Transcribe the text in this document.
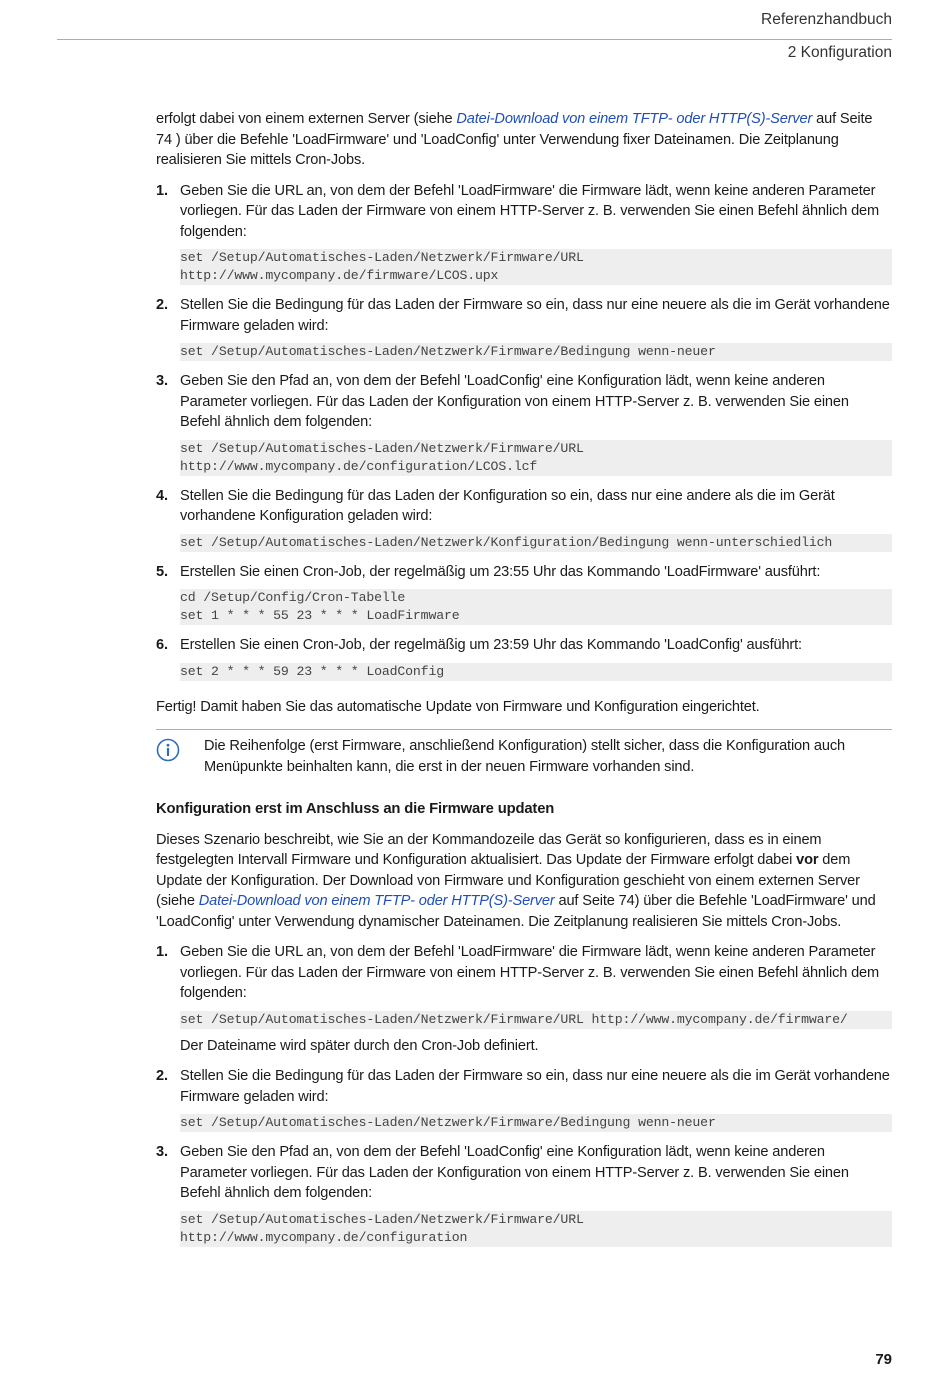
Referenzhandbuch
2 Konfiguration

erfolgt dabei von einem externen Server (siehe Datei-Download von einem TFTP- oder HTTP(S)-Server auf Seite 74 ) über die Befehle 'LoadFirmware' und 'LoadConfig' unter Verwendung fixer Dateinamen. Die Zeitplanung realisieren Sie mittels Cron-Jobs.

1. Geben Sie die URL an, von dem der Befehl 'LoadFirmware' die Firmware lädt, wenn keine anderen Parameter vorliegen. Für das Laden der Firmware von einem HTTP-Server z. B. verwenden Sie einen Befehl ähnlich dem folgenden:

set /Setup/Automatisches-Laden/Netzwerk/Firmware/URL
http://www.mycompany.de/firmware/LCOS.upx
2. Stellen Sie die Bedingung für das Laden der Firmware so ein, dass nur eine neuere als die im Gerät vorhandene Firmware geladen wird:

set /Setup/Automatisches-Laden/Netzwerk/Firmware/Bedingung wenn-neuer
3. Geben Sie den Pfad an, von dem der Befehl 'LoadConfig' eine Konfiguration lädt, wenn keine anderen Parameter vorliegen. Für das Laden der Konfiguration von einem HTTP-Server z. B. verwenden Sie einen Befehl ähnlich dem folgenden:

set /Setup/Automatisches-Laden/Netzwerk/Firmware/URL
http://www.mycompany.de/configuration/LCOS.lcf
4. Stellen Sie die Bedingung für das Laden der Konfiguration so ein, dass nur eine andere als die im Gerät vorhandene Konfiguration geladen wird:

set /Setup/Automatisches-Laden/Netzwerk/Konfiguration/Bedingung wenn-unterschiedlich
5. Erstellen Sie einen Cron-Job, der regelmäßig um 23:55 Uhr das Kommando 'LoadFirmware' ausführt:

cd /Setup/Config/Cron-Tabelle
set 1 * * * 55 23 * * * LoadFirmware
6. Erstellen Sie einen Cron-Job, der regelmäßig um 23:59 Uhr das Kommando 'LoadConfig' ausführt:

set 2 * * * 59 23 * * * LoadConfig

Fertig! Damit haben Sie das automatische Update von Firmware und Konfiguration eingerichtet.

Die Reihenfolge (erst Firmware, anschließend Konfiguration) stellt sicher, dass die Konfiguration auch Menüpunkte beinhalten kann, die erst in der neuen Firmware vorhanden sind.

Konfiguration erst im Anschluss an die Firmware updaten

Dieses Szenario beschreibt, wie Sie an der Kommandozeile das Gerät so konfigurieren, dass es in einem festgelegten Intervall Firmware und Konfiguration aktualisiert. Das Update der Firmware erfolgt dabei vor dem Update der Konfiguration. Der Download von Firmware und Konfiguration geschieht von einem externen Server (siehe Datei-Download von einem TFTP- oder HTTP(S)-Server auf Seite 74) über die Befehle 'LoadFirmware' und 'LoadConfig' unter Verwendung dynamischer Dateinamen. Die Zeitplanung realisieren Sie mittels Cron-Jobs.

1. Geben Sie die URL an, von dem der Befehl 'LoadFirmware' die Firmware lädt, wenn keine anderen Parameter vorliegen. Für das Laden der Firmware von einem HTTP-Server z. B. verwenden Sie einen Befehl ähnlich dem folgenden:

set /Setup/Automatisches-Laden/Netzwerk/Firmware/URL http://www.mycompany.de/firmware/

Der Dateiname wird später durch den Cron-Job definiert.

2. Stellen Sie die Bedingung für das Laden der Firmware so ein, dass nur eine neuere als die im Gerät vorhandene Firmware geladen wird:

set /Setup/Automatisches-Laden/Netzwerk/Firmware/Bedingung wenn-neuer
3. Geben Sie den Pfad an, von dem der Befehl 'LoadConfig' eine Konfiguration lädt, wenn keine anderen Parameter vorliegen. Für das Laden der Konfiguration von einem HTTP-Server z. B. verwenden Sie einen Befehl ähnlich dem folgenden:

set /Setup/Automatisches-Laden/Netzwerk/Firmware/URL
http://www.mycompany.de/configuration
79
